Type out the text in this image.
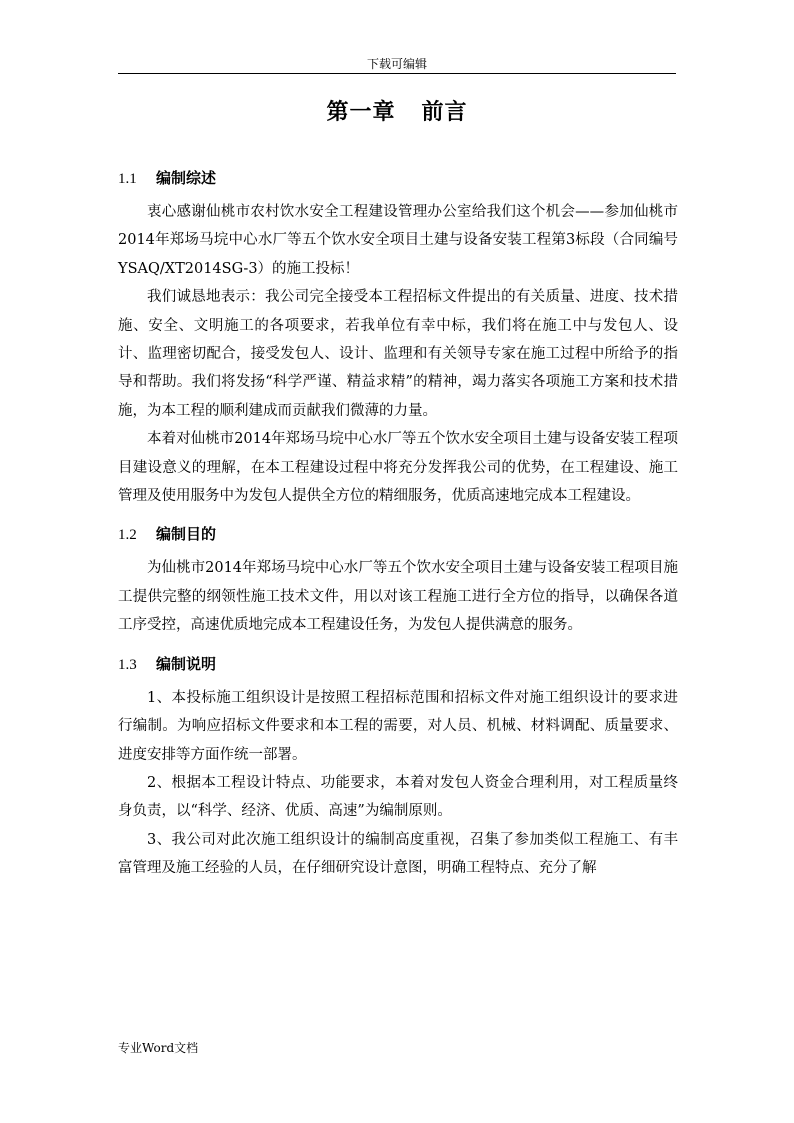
下载可编辑
第一章 前言
1.1 编制综述

衷心感谢仙桃市农村饮水安全工程建设管理办公室给我们这个机会——参加仙桃市2014年郑场马垸中心水厂等五个饮水安全项目土建与设备安装工程第3标段（合同编号 YSAQ/XT2014SG-3）的施工投标！

我们诚恳地表示：我公司完全接受本工程招标文件提出的有关质量、进度、技术措施、安全、文明施工的各项要求，若我单位有幸中标，我们将在施工中与发包人、设计、监理密切配合，接受发包人、设计、监理和有关领导专家在施工过程中所给予的指导和帮助。我们将发扬“科学严谨、精益求精”的精神，竭力落实各项施工方案和技术措施，为本工程的顺利建成而贡献我们微薄的力量。

本着对仙桃市2014年郑场马垸中心水厂等五个饮水安全项目土建与设备安装工程项目建设意义的理解，在本工程建设过程中将充分发挥我公司的优势，在工程建设、施工管理及使用服务中为发包人提供全方位的精细服务，优质高速地完成本工程建设。

1.2 编制目的

为仙桃市2014年郑场马垸中心水厂等五个饮水安全项目土建与设备安装工程项目施工提供完整的纲领性施工技术文件，用以对该工程施工进行全方位的指导，以确保各道工序受控，高速优质地完成本工程建设任务，为发包人提供满意的服务。

1.3 编制说明

1、本投标施工组织设计是按照工程招标范围和招标文件对施工组织设计的要求进行编制。为响应招标文件要求和本工程的需要，对人员、机械、材料调配、质量要求、进度安排等方面作统一部署。

2、根据本工程设计特点、功能要求，本着对发包人资金合理利用，对工程质量终身负责，以“科学、经济、优质、高速”为编制原则。

3、我公司对此次施工组织设计的编制高度重视，召集了参加类似工程施工、有丰富管理及施工经验的人员，在仔细研究设计意图，明确工程特点、充分了解

专业Word文档
